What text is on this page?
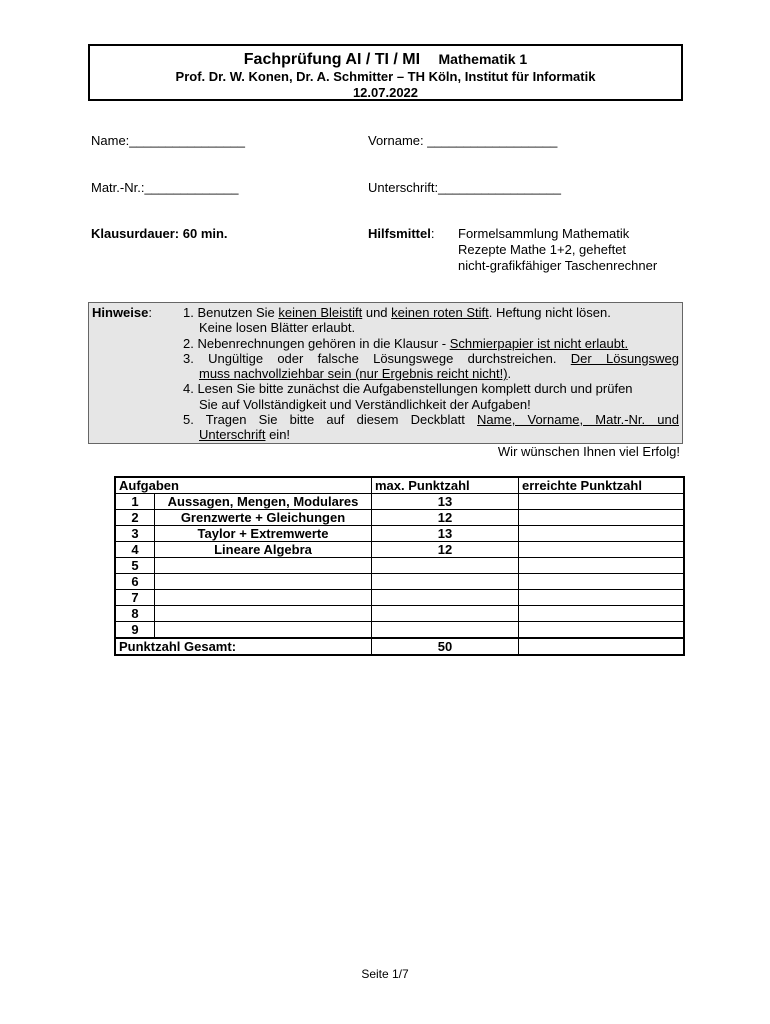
Fachprüfung AI / TI / MI Mathematik 1
Prof. Dr. W. Konen, Dr. A. Schmitter – TH Köln, Institut für Informatik
12.07.2022
Name:________________	Vorname: __________________
Matr.-Nr.:_____________	Unterschrift:_________________
Klausurdauer: 60 min.	Hilfsmittel: Formelsammlung Mathematik
Rezepte Mathe 1+2, geheftet
nicht-grafikfähiger Taschenrechner
Hinweise: 1. Benutzen Sie keinen Bleistift und keinen roten Stift. Heftung nicht lösen.
Keine losen Blätter erlaubt.
2. Nebenrechnungen gehören in die Klausur - Schmierpapier ist nicht erlaubt.
3. Ungültige oder falsche Lösungswege durchstreichen. Der Lösungsweg
muss nachvollziehbar sein (nur Ergebnis reicht nicht!).
4. Lesen Sie bitte zunächst die Aufgabenstellungen komplett durch und prüfen
Sie auf Vollständigkeit und Verständlichkeit der Aufgaben!
5. Tragen Sie bitte auf diesem Deckblatt Name, Vorname, Matr.-Nr. und
Unterschrift ein!
Wir wünschen Ihnen viel Erfolg!
Aufgaben		max. Punktzahl	erreichte Punktzahl
1	Aussagen, Mengen, Modulares	13	
2	Grenzwerte + Gleichungen	12	
3	Taylor + Extremwerte	13	
4	Lineare Algebra	12	
5			
6			
7			
8			
9			
Punktzahl Gesamt:		50	
Seite 1/7
